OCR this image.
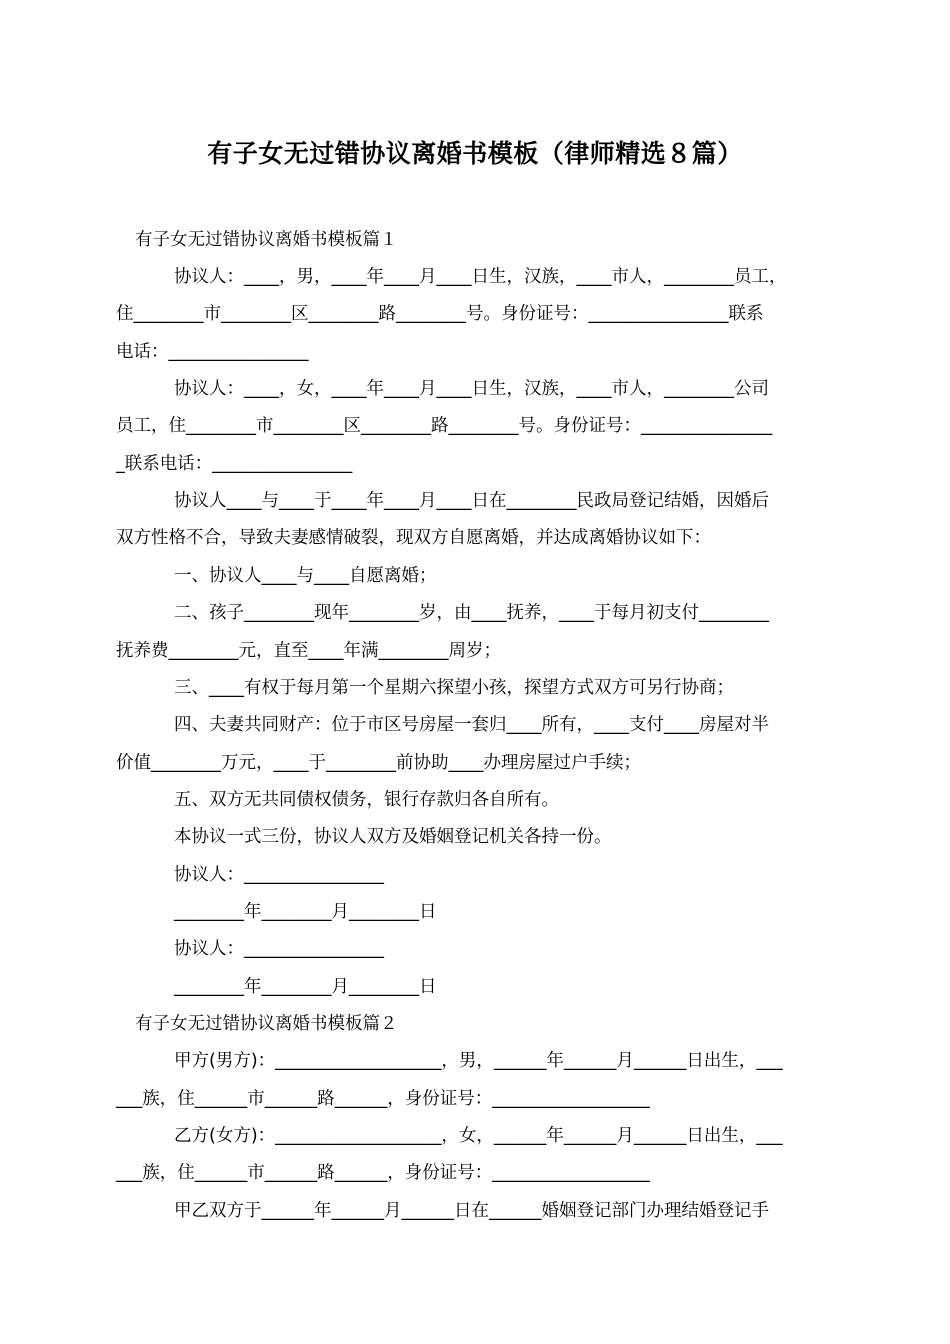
有子女无过错协议离婚书模板（律师精选８篇）
有子女无过错协议离婚书模板篇１
协议人：____，男，____年____月____日生，汉族，____市人，________员工，
住________市________区________路________号。身份证号：________________联系
电话：________________
协议人：____，女，____年____月____日生，汉族，____市人，________公司
员工，住________市________区________路________号。身份证号：_______________
_联系电话：________________
协议人____与____于____年____月____日在________民政局登记结婚，因婚后
双方性格不合，导致夫妻感情破裂，现双方自愿离婚，并达成离婚协议如下：
一、协议人____与____自愿离婚；
二、孩子________现年________岁，由____抚养，____于每月初支付________
抚养费________元，直至____年满________周岁；
三、____有权于每月第一个星期六探望小孩，探望方式双方可另行协商；
四、夫妻共同财产：位于市区号房屋一套归____所有，____支付____房屋对半
价值________万元，____于________前协助____办理房屋过户手续；
五、双方无共同债权债务，银行存款归各自所有。
本协议一式三份，协议人双方及婚姻登记机关各持一份。
协议人：________________
________年________月________日
协议人：________________
________年________月________日
有子女无过错协议离婚书模板篇２
甲方(男方)：___________________，男，______年______月______日出生，___
___族，住______市______路______，身份证号：__________________
乙方(女方)：___________________，女，______年______月______日出生，___
___族，住______市______路______，身份证号：__________________
甲乙双方于______年______月______日在______婚姻登记部门办理结婚登记手
